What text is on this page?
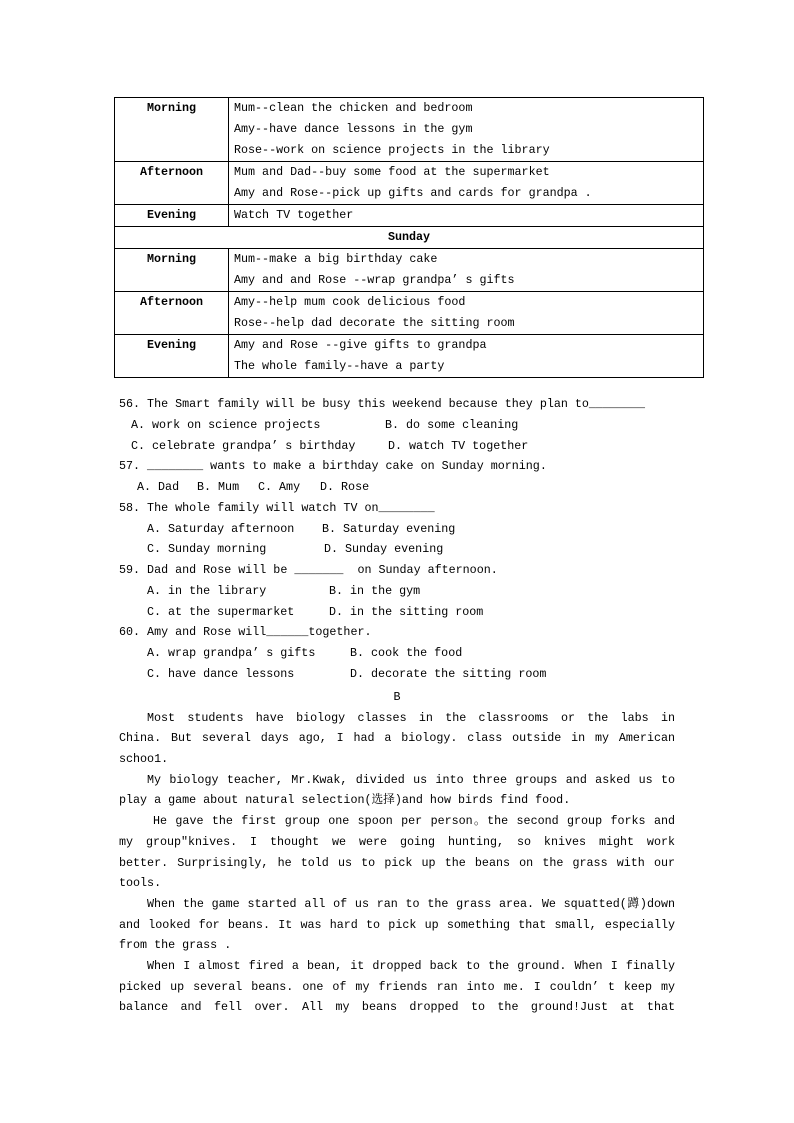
Morning	Mum--clean the chicken and bedroom
Amy--have dance lessons in the gym
Rose--work on science projects in the library

Afternoon	Mum and Dad--buy some food at the supermarket
Amy and Rose--pick up gifts and cards for grandpa .

Evening	Watch TV together

Sunday	
Morning	Mum--make a big birthday cake
Amy and and Rose --wrap grandpa’ s gifts

Afternoon	Amy--help mum cook delicious food
Rose--help dad decorate the sitting room

Evening	Amy and Rose --give gifts to grandpa
The whole family--have a party
56. The Smart family will be busy this weekend because they plan to________
A. work on science projects	B. do some cleaning
C. celebrate grandpa’ s birthday	D. watch TV together
57. ________ wants to make a birthday cake on Sunday morning.
A. Dad B. Mum C. Amy D. Rose
58. The whole family will watch TV on________
A. Saturday afternoon B. Saturday evening
C. Sunday morning	D. Sunday evening
59. Dad and Rose will be _______  on Sunday afternoon.
A. in the library	B. in the gym
C. at the supermarket	D. in the sitting room
60. Amy and Rose will______together.
A. wrap grandpa’ s gifts	B. cook the food
C. have dance lessons	D. decorate the sitting room
B
Most students have biology classes in the classrooms or the labs in
China. But several days ago, I had a biology. class outside in my American
schoo1.
My biology teacher, Mr.Kwak, divided us into three groups and asked us to
play a game about natural selection(选择)and how birds find food.
He gave the first group one spoon per person。the second group forks and
my group"knives. I thought we were going hunting, so knives might work
better. Surprisingly, he told us to pick up the beans on the grass with our
tools.
When the game started all of us ran to the grass area. We squatted(蹲)down
and looked for beans. It was hard to pick up something that small, especially
from the grass .
When I almost fired a bean, it dropped back to the ground. When I finally
picked up several beans. one of my friends ran into me. I couldn’ t keep my
balance and fell over. All my beans dropped to the ground!Just at that
